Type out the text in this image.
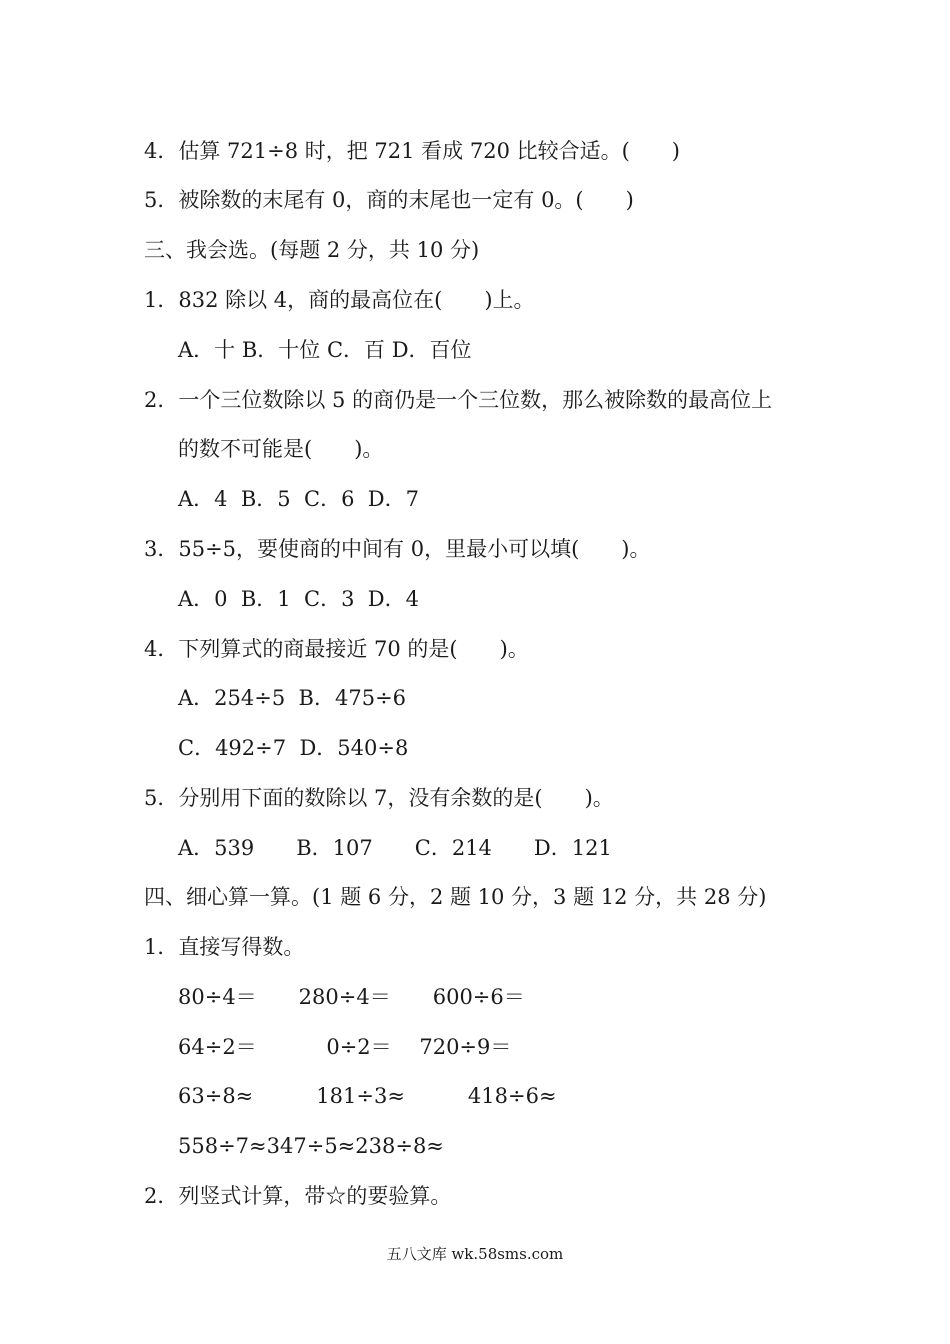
4．估算 721÷8 时，把 721 看成 720 比较合适。(　　)
5．被除数的末尾有 0，商的末尾也一定有 0。(　　)
三、我会选。(每题 2 分，共 10 分)
1．832 除以 4，商的最高位在(　　)上。
A．十 B．十位 C．百 D．百位
2．一个三位数除以 5 的商仍是一个三位数，那么被除数的最高位上
的数不可能是(　　)。
A．4  B．5  C．6  D．7
3．55÷5，要使商的中间有 0，里最小可以填(　　)。
A．0  B．1  C．3  D．4
4．下列算式的商最接近 70 的是(　　)。
A．254÷5  B．475÷6
C．492÷7  D．540÷8
5．分别用下面的数除以 7，没有余数的是(　　)。
A．539　　B．107　　C．214　　D．121
四、细心算一算。(1 题 6 分，2 题 10 分，3 题 12 分，共 28 分)
1．直接写得数。
80÷4＝　　280÷4＝　　600÷6＝
64÷2＝　　　 0÷2＝　 720÷9＝
63÷8≈　　　181÷3≈　　　418÷6≈
558÷7≈347÷5≈238÷8≈
2．列竖式计算，带☆的要验算。
五八文库 wk.58sms.com
